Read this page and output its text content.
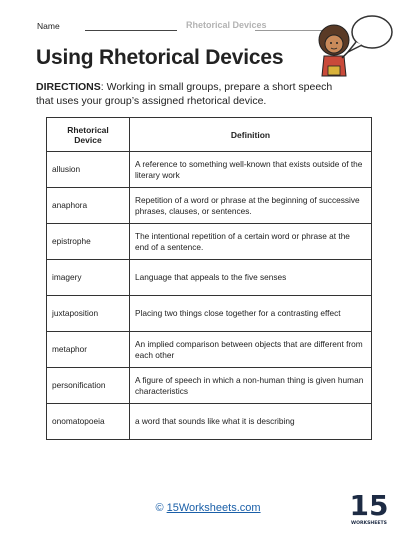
Name	Rhetorical Devices
Using Rhetorical Devices
DIRECTIONS: Working in small groups, prepare a short speech that uses your group’s assigned rhetorical device.
Rhetorical
Device	Definition
allusion	A reference to something well-known that exists outside of the literary work
anaphora	Repetition of a word or phrase at the beginning of successive phrases, clauses, or sentences.
epistrophe	The intentional repetition of a certain word or phrase at the end of a sentence.
imagery	Language that appeals to the five senses
juxtaposition	Placing two things close together for a contrasting effect
metaphor	An implied comparison between objects that are different from each other
personification	A figure of speech in which a non-human thing is given human characteristics
onomatopoeia	a word that sounds like what it is describing
© 15Worksheets.com	15
WORKSHEETS
